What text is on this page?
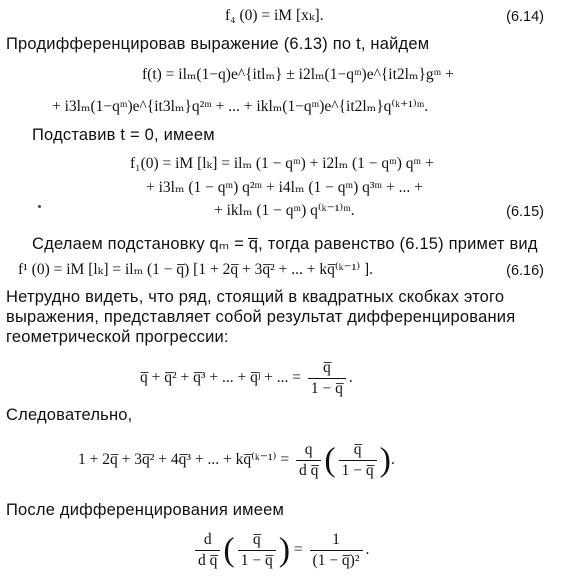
f₄ (0) = iM [xₖ].	(6.14)
Продифференцировав выражение (6.13) по t, найдем
f(t) = ilₘ(1−q)e^{itlₘ} ± i2lₘ(1−qᵐ)e^{it2lₘ}gᵐ +
+ i3lₘ(1−qᵐ)e^{it3lₘ}q²ᵐ + ... + iklₘ(1−qᵐ)e^{it2lₘ}q⁽ᵏ⁺¹⁾ᵐ.
Подставив t = 0, имеем
f₁(0) = iM [lₖ] = ilₘ (1 − qᵐ) + i2lₘ (1 − qᵐ) qᵐ +
+ i3lₘ (1 − qᵐ) q²ᵐ + i4lₘ (1 − qᵐ) q³ᵐ + ... +
+ iklₘ (1 − qᵐ) q⁽ᵏ⁻¹⁾ᵐ.	(6.15)
Сделаем подстановку qₘ = q̅, тогда равенство (6.15) примет вид
f¹ (0) = iM [lₖ] = ilₘ (1 − q̅) [1 + 2q̅ + 3q̅² + ... + kq̅⁽ᵏ⁻¹⁾ ].	(6.16)
Нетрудно видеть, что ряд, стоящий в квадратных скобках этого
выражения, представляет собой результат дифференцирования
геометрической прогрессии:
q̅ + q̅² + q̅³ + ... + q̅ʲ + ... = $\frac{q̅}{1 - q̅}$ .
Следовательно,
1 + 2q̅ + 3q̅² + 4q̅³ + ... + kq̅⁽ᵏ⁻¹⁾ = $\frac{q}{\text{d q̅}}$ ( $\frac{q̅}{1 - q̅}$ ).
После дифференцирования имеем
$\frac{d}{\text{d q̅}}$ ( $\frac{q̅}{1 - q̅}$ ) = $\frac{1}{\text{(1 − q̅)²}}$ .
